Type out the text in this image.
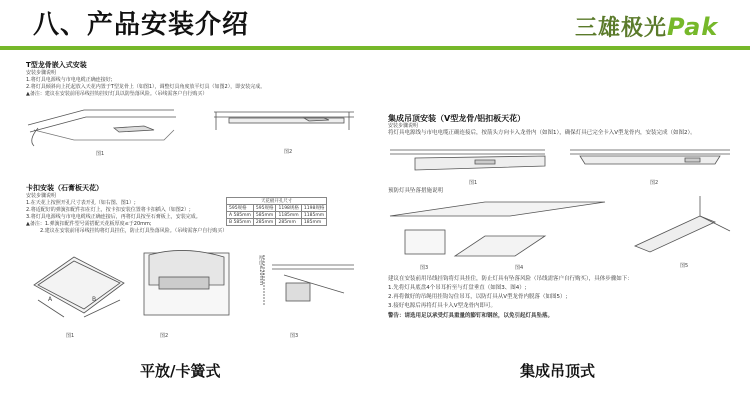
八、产品安装介绍	三雄极光Pak
T型龙骨嵌入式安装
安装步骤说明
1.将灯具电源线与市电电缆正确连接好;
2.将灯具倾斜向上托起放入天花内置于T型龙骨上（如图1），调整灯具角度放平灯具（如图2），即安装完成。
▲备注：建议在安装前用吊线挂钩挂好灯具以防坠落风险。（吊线需客户自行购买）
图1	图2
卡扣安装（石膏板天花）
安装步骤说明
1.在天花上按照开孔尺寸表开孔（如右图、图1）;
2.将适配好的弹簧扣配件扣在灯上，按卡扣安装位置将卡扣插入（如图2）;
3.将灯具电源线与市电电缆线正确连接后，再将灯具按至石膏板上，安装完成。
▲备注：1.弹簧扣配件型号需搭配天花板厚度≤于20mm;
2.建议在安装前用吊线挂钩将灯具挂住，防止灯具坠落风险。（吊线需客户自行购买）
天花板开孔尺寸			
595规格	595规格	1198规格	1198规格
A 585mm	585mm	1185mm	1185mm
B 585mm	285mm	285mm	185mm
A	B
厚度≤20mm
图1	图2	图3
平放/卡簧式
集成吊顶安装（V型龙骨/铝扣板天花）
安装步骤说明
将灯具电源线与市电电缆正确连接后，按箭头方向卡入龙骨内（如图1），确保灯具已完全卡入V型龙骨内，安装完成（如图2）。
图1	图2
预防灯具坠落措施说明
图3	图4	图5
建议在安装前用吊线挂钩将灯具挂住，防止灯具有坠落风险（吊线需客户自行购买），具体步骤如下：
1.先将灯具底盘4个吊耳折至与灯盘垂直（如图3、图4）;
2.再将做好的吊绳用挂钩勾住吊耳，以防灯具从V型龙骨内脱落（如图5）;
3.接好电源后再将灯具卡入V型龙骨内即可。
警告：请选用足以承受灯具重量的膨钉和钢丝，以免引起灯具坠落。
集成吊顶式
